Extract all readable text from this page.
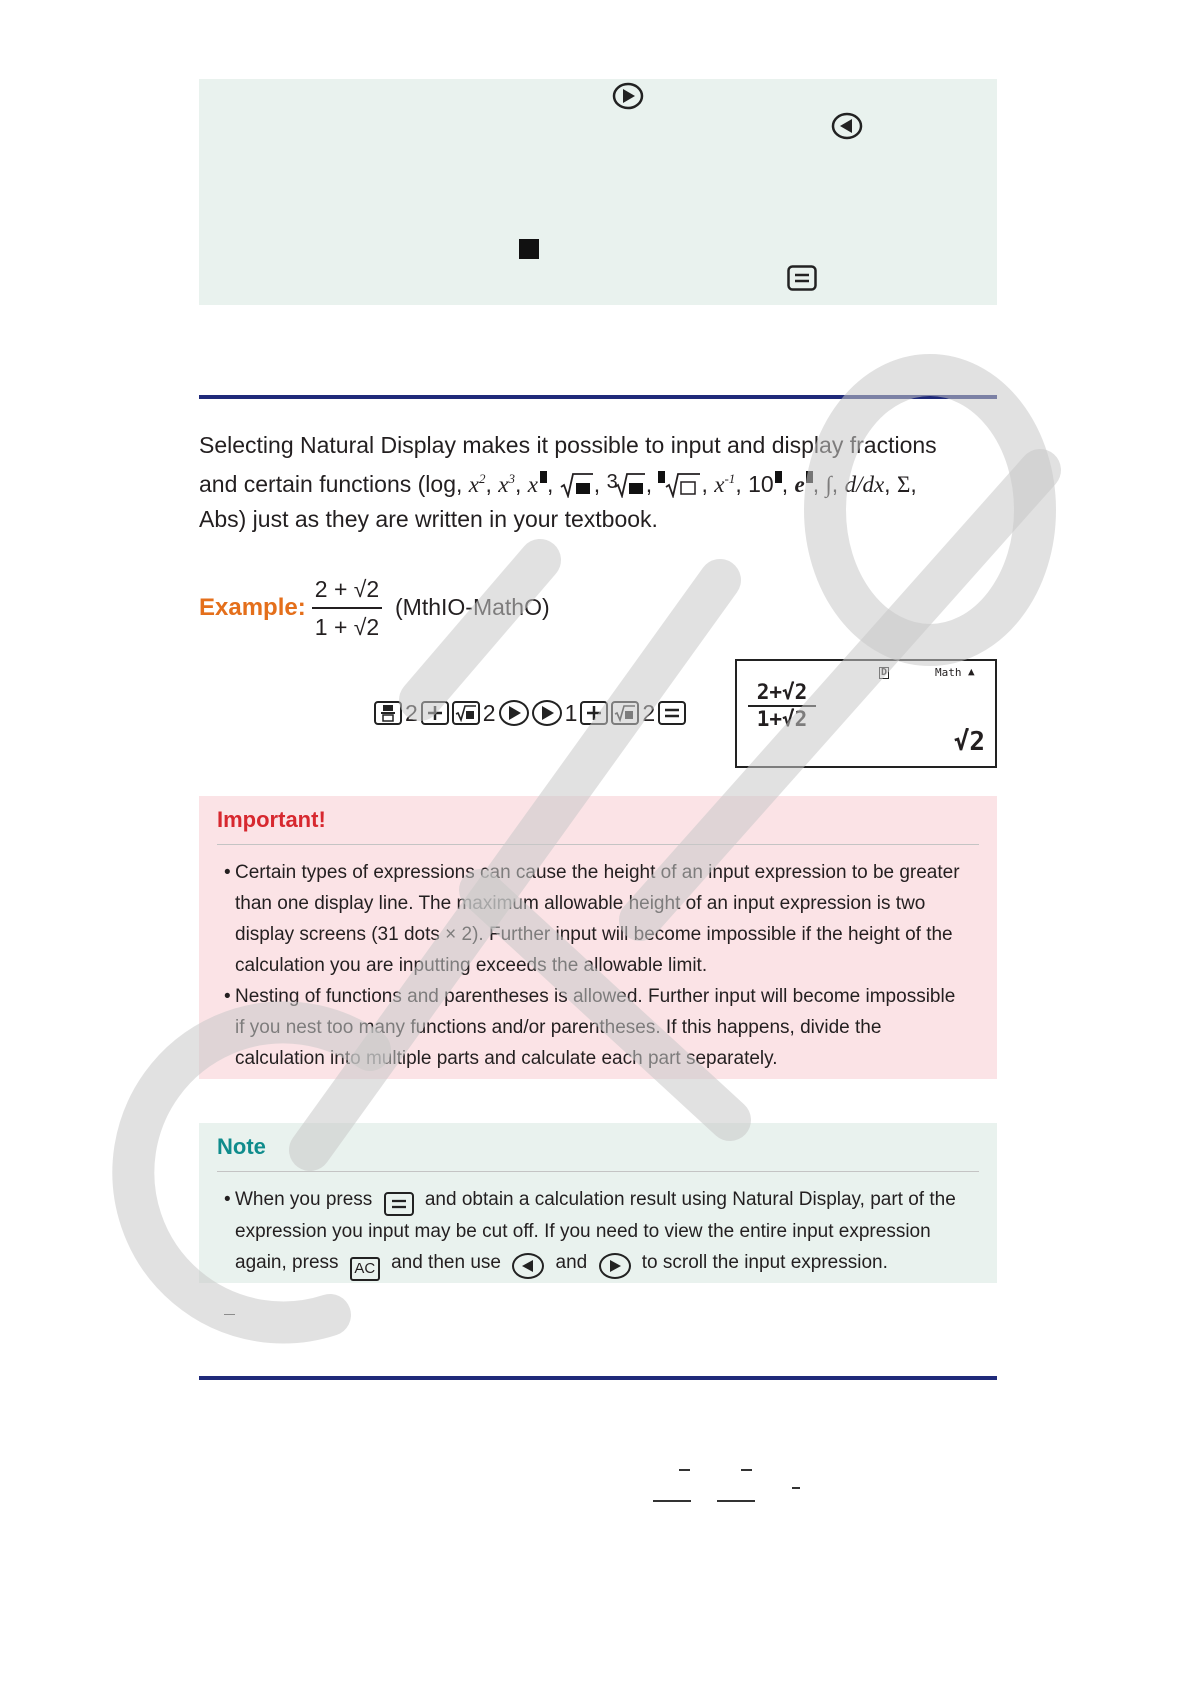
Selecting Natural Display makes it possible to input and display fractions
and certain functions (log, $x^2$, $x^3$, x , , 3 , , $x^{-1}$, 10 , e , ∫, d/dx, Σ,
Abs) just as they are written in your textbook.
Example:
2 + √2
1 + √2
(MthIO-MathO)
2	2	1	2
D	Math ▲
2+√2
1+√2
√2
Important!
• Certain types of expressions can cause the height of an input expression to be greater
than one display line. The maximum allowable height of an input expression is two
display screens (31 dots × 2). Further input will become impossible if the height of the
calculation you are inputting exceeds the allowable limit.
• Nesting of functions and parentheses is allowed. Further input will become impossible
if you nest too many functions and/or parentheses. If this happens, divide the
calculation into multiple parts and calculate each part separately.
Note
• When you press	and obtain a calculation result using Natural Display, part of the
expression you input may be cut off. If you need to view the entire input expression
again, press AC and then use	and	to scroll the input expression.
